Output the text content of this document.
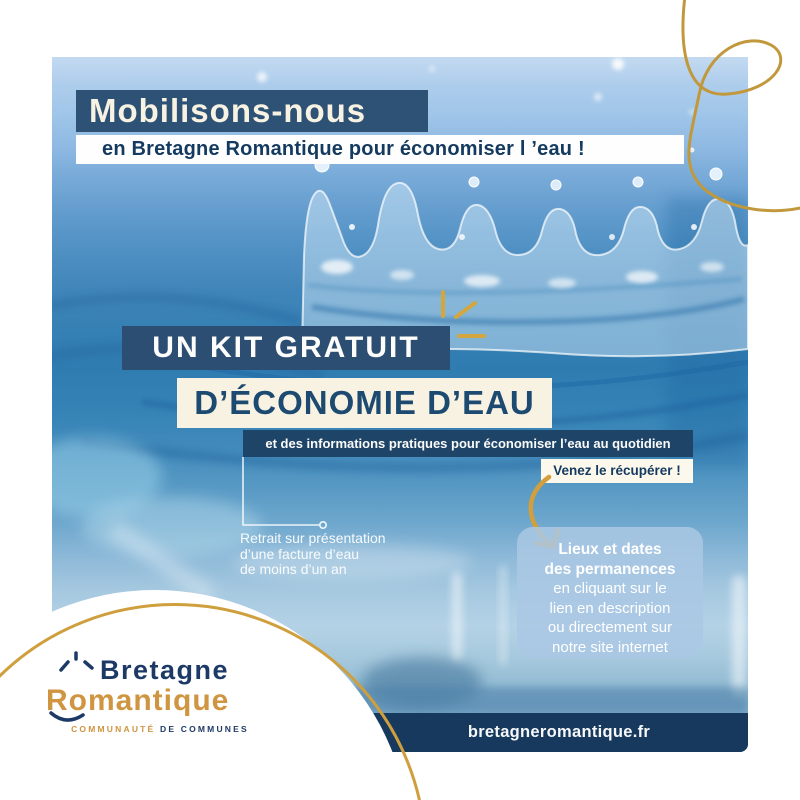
Mobilisons-nous
en Bretagne Romantique pour économiser l ’eau !
UN KIT GRATUIT
D’ÉCONOMIE D’EAU
et des informations pratiques pour économiser l’eau au quotidien
Venez le récupérer !
Retrait sur présentation
d’une facture d’eau
de moins d’un an
Lieux et dates
des permanences
en cliquant sur le
lien en description
ou directement sur
notre site internet
bretagneromantique.fr
Bretagne
Romantique
COMMUNAUTÉ DE COMMUNES
